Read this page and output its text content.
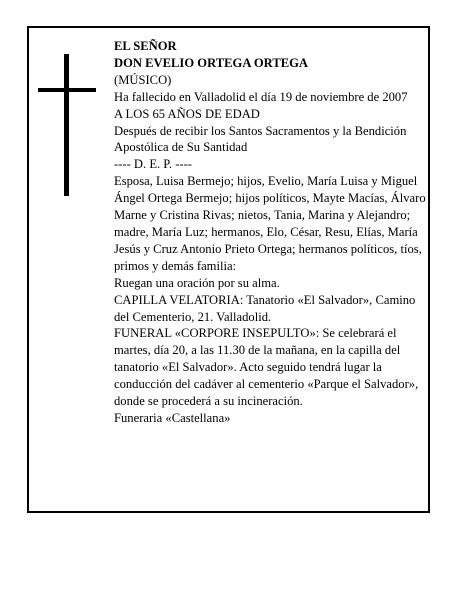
EL SEÑOR

DON EVELIO ORTEGA ORTEGA

(MÚSICO)

Ha fallecido en Valladolid el día 19 de noviembre de 2007

A LOS 65 AÑOS DE EDAD

Después de recibir los Santos Sacramentos y la Bendición Apostólica de Su Santidad

---- D. E. P. ----

Esposa, Luisa Bermejo; hijos, Evelio, María Luisa y Miguel Ángel Ortega Bermejo; hijos políticos, Mayte Macías, Álvaro Marne y Cristina Rivas; nietos, Tania, Marina y Alejandro; madre, María Luz; hermanos, Elo, César, Resu, Elías, María Jesús y Cruz Antonio Prieto Ortega; hermanos políticos, tíos, primos y demás familia:

Ruegan una oración por su alma.

CAPILLA VELATORIA: Tanatorio «El Salvador», Camino del Cementerio, 21. Valladolid.

FUNERAL «CORPORE INSEPULTO»: Se celebrará el martes, día 20, a las 11.30 de la mañana, en la capilla del tanatorio «El Salvador». Acto seguido tendrá lugar la conducción del cadáver al cementerio «Parque el Salvador», donde se procederá a su incineración.

Funeraria «Castellana»
